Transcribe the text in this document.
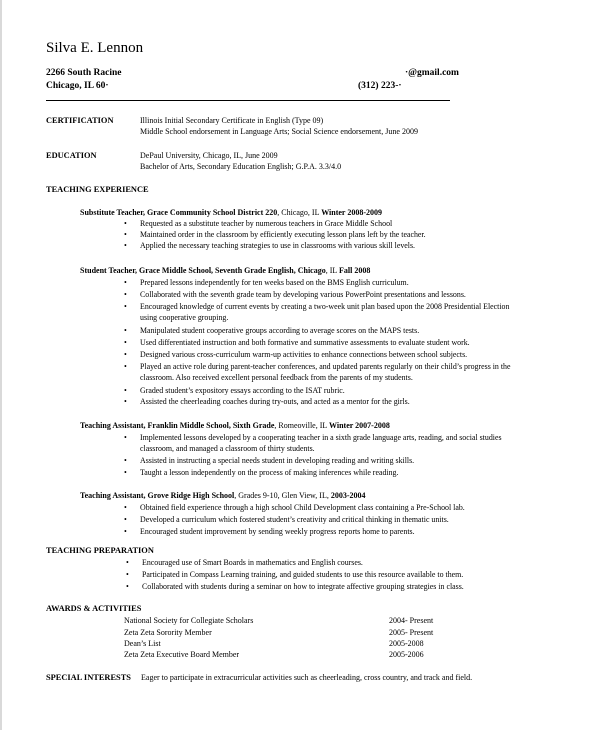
Silva E. Lennon
2266 South Racine
Chicago, IL 60·
·@gmail.com
(312) 223-·
CERTIFICATION	Illinois Initial Secondary Certificate in English (Type 09)
Middle School endorsement in Language Arts; Social Science endorsement, June 2009
EDUCATION	DePaul University, Chicago, IL, June 2009
Bachelor of Arts, Secondary Education English; G.P.A. 3.3/4.0
TEACHING EXPERIENCE
Substitute Teacher, Grace Community School District 220, Chicago, IL Winter 2008-2009
• Requested as a substitute teacher by numerous teachers in Grace Middle School
• Maintained order in the classroom by efficiently executing lesson plans left by the teacher.
• Applied the necessary teaching strategies to use in classrooms with various skill levels.
Student Teacher, Grace Middle School, Seventh Grade English, Chicago, IL Fall 2008
• Prepared lessons independently for ten weeks based on the BMS English curriculum.
• Collaborated with the seventh grade team by developing various PowerPoint presentations and lessons.
• Encouraged knowledge of current events by creating a two-week unit plan based upon the 2008 Presidential Election
using cooperative grouping.
• Manipulated student cooperative groups according to average scores on the MAPS tests.
• Used differentiated instruction and both formative and summative assessments to evaluate student work.
• Designed various cross-curriculum warm-up activities to enhance connections between school subjects.
• Played an active role during parent-teacher conferences, and updated parents regularly on their child’s progress in the
classroom. Also received excellent personal feedback from the parents of my students.
• Graded student’s expository essays according to the ISAT rubric.
• Assisted the cheerleading coaches during try-outs, and acted as a mentor for the girls.
Teaching Assistant, Franklin Middle School, Sixth Grade, Romeoville, IL Winter 2007-2008
• Implemented lessons developed by a cooperating teacher in a sixth grade language arts, reading, and social studies
classroom, and managed a classroom of thirty students.
• Assisted in instructing a special needs student in developing reading and writing skills.
• Taught a lesson independently on the process of making inferences while reading.
Teaching Assistant, Grove Ridge High School, Grades 9-10, Glen View, IL, 2003-2004
• Obtained field experience through a high school Child Development class containing a Pre-School lab.
• Developed a curriculum which fostered student’s creativity and critical thinking in thematic units.
• Encouraged student improvement by sending weekly progress reports home to parents.
TEACHING PREPARATION
• Encouraged use of Smart Boards in mathematics and English courses.
• Participated in Compass Learning training, and guided students to use this resource available to them.
• Collaborated with students during a seminar on how to integrate affective grouping strategies in class.
AWARDS & ACTIVITIES
National Society for Collegiate Scholars	2004- Present
Zeta Zeta Sorority Member	2005- Present
Dean’s List	2005-2008
Zeta Zeta Executive Board Member	2005-2006
SPECIAL INTERESTS Eager to participate in extracurricular activities such as cheerleading, cross country, and track and field.
